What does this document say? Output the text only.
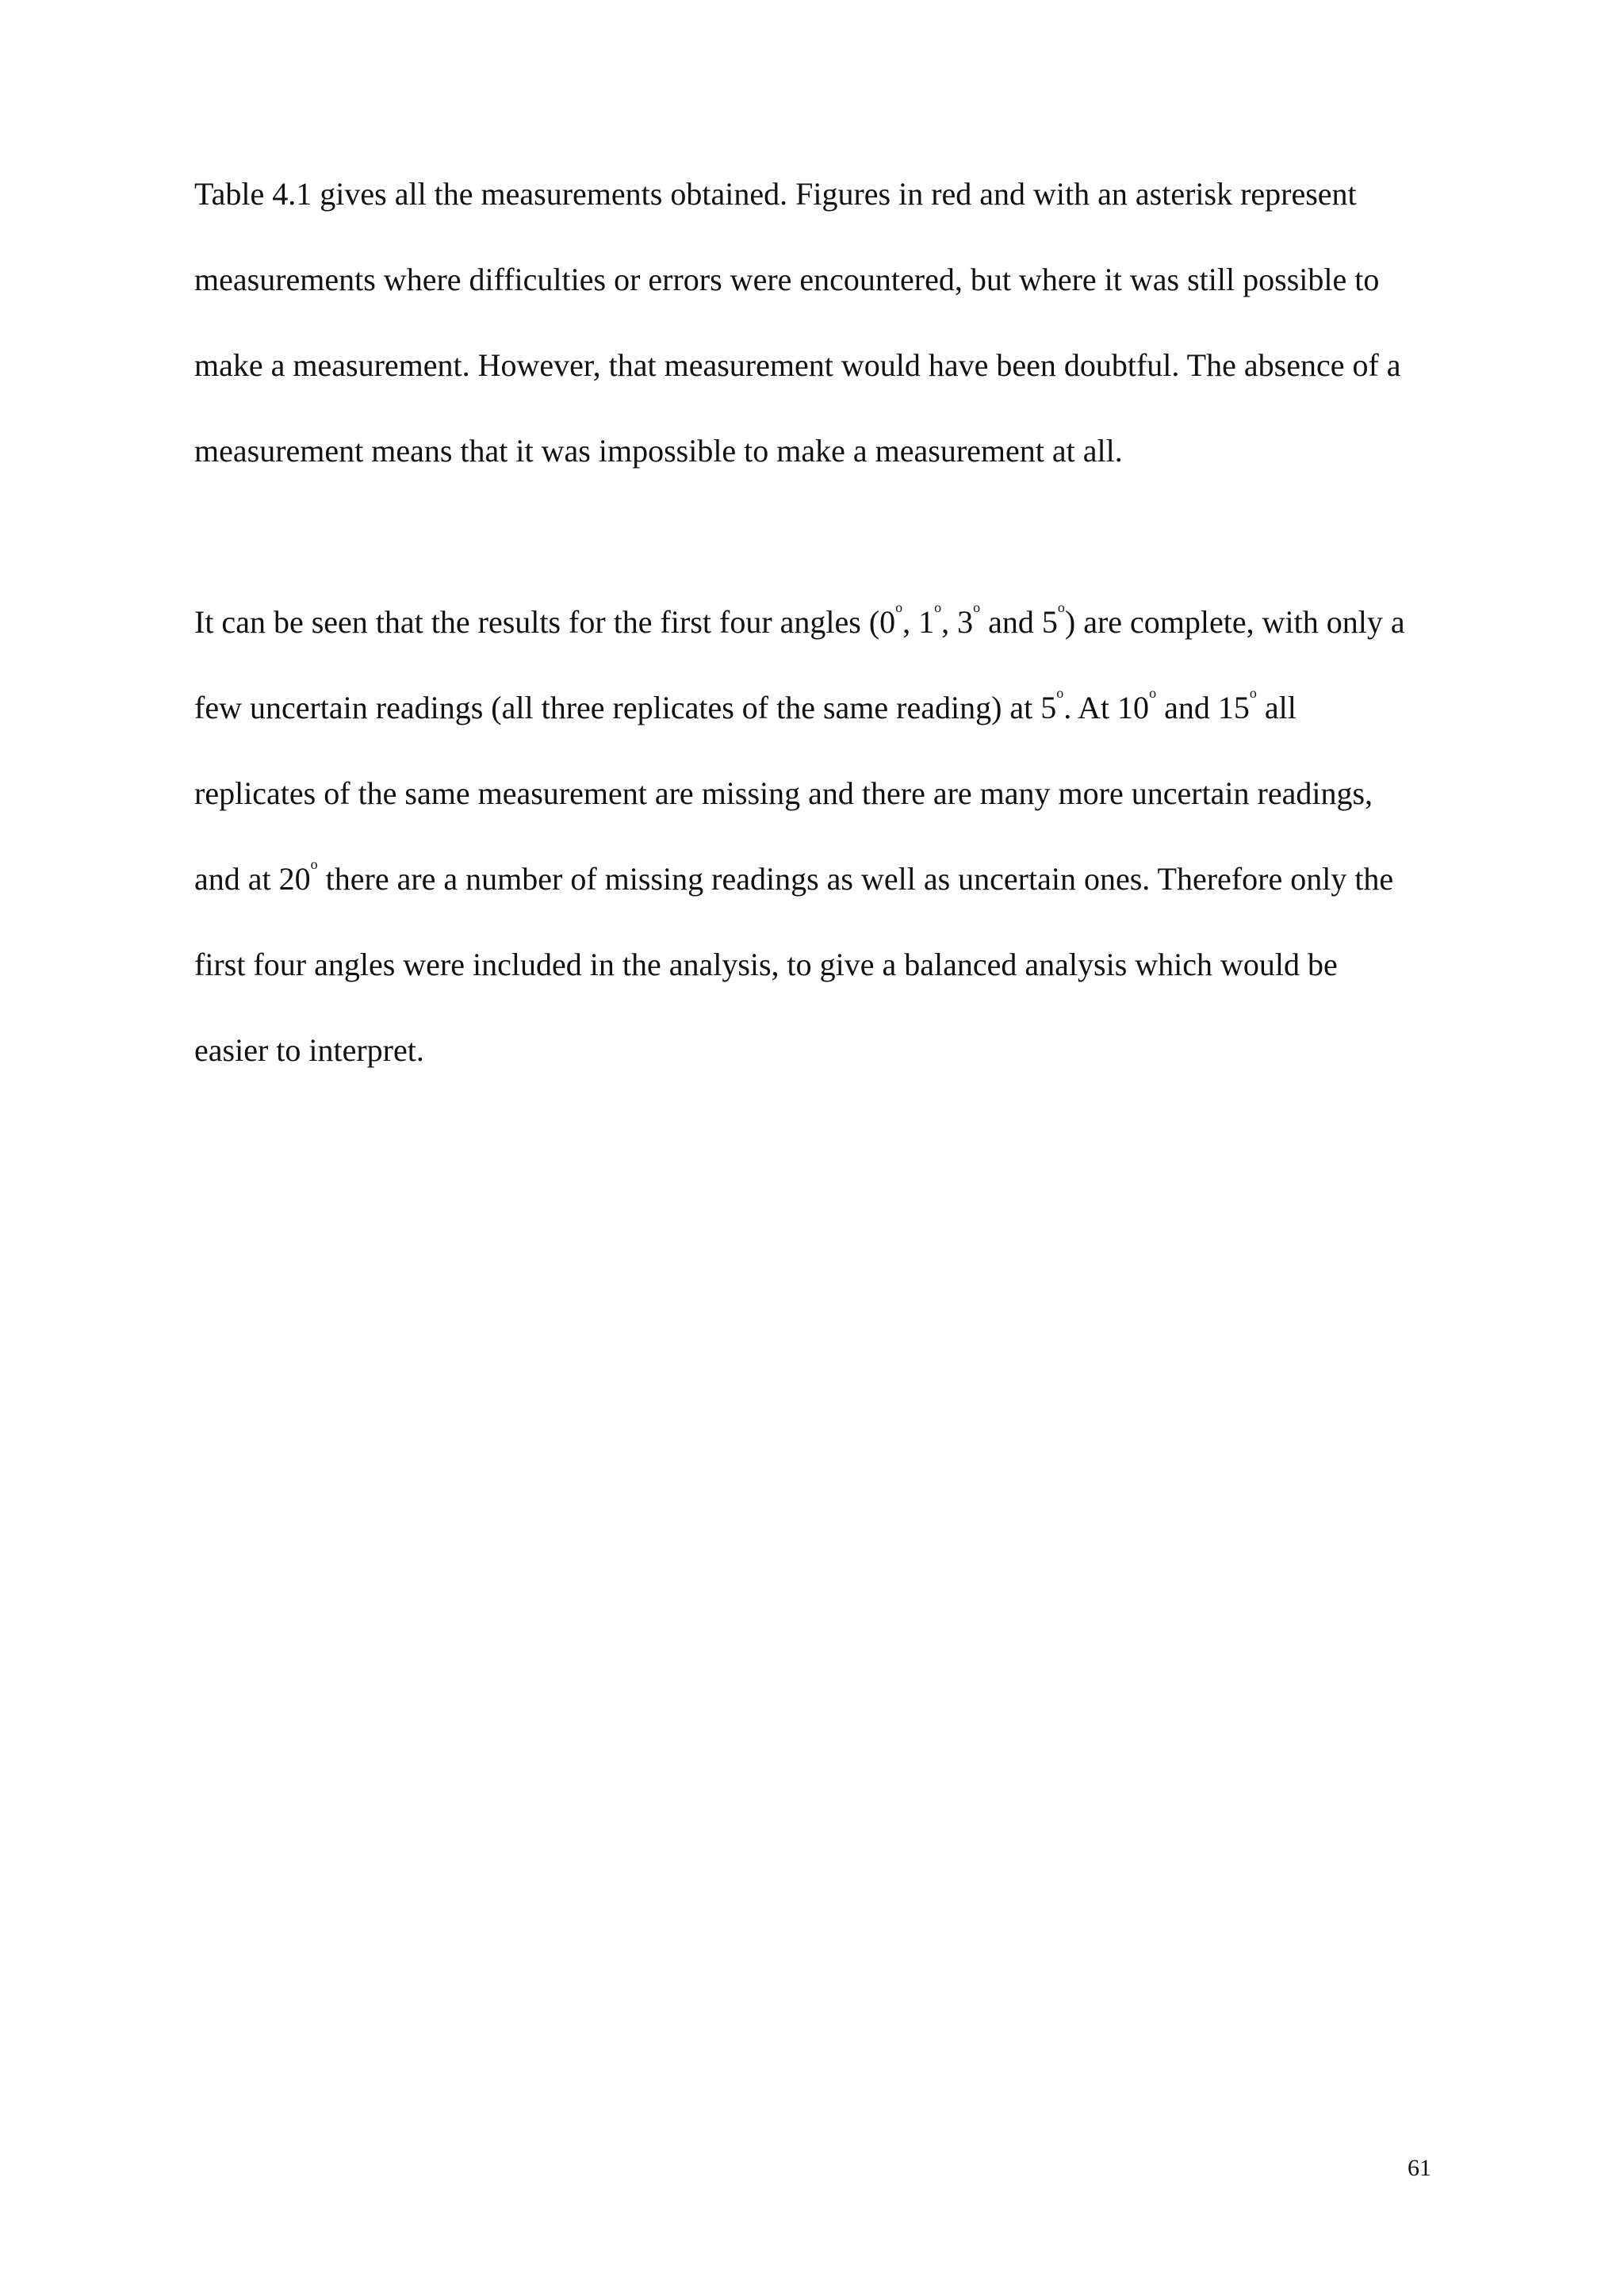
Table 4.1 gives all the measurements obtained. Figures in red and with an asterisk represent
measurements where difficulties or errors were encountered, but where it was still possible to
make a measurement. However, that measurement would have been doubtful. The absence of a
measurement means that it was impossible to make a measurement at all.
It can be seen that the results for the first four angles (0$^o$, 1$^o$, 3$^o$ and 5$^o$) are complete, with only a
few uncertain readings (all three replicates of the same reading) at 5$^o$. At 10$^o$ and 15$^o$ all
replicates of the same measurement are missing and there are many more uncertain readings,
and at 20$^o$ there are a number of missing readings as well as uncertain ones. Therefore only the
first four angles were included in the analysis, to give a balanced analysis which would be
easier to interpret.
61
